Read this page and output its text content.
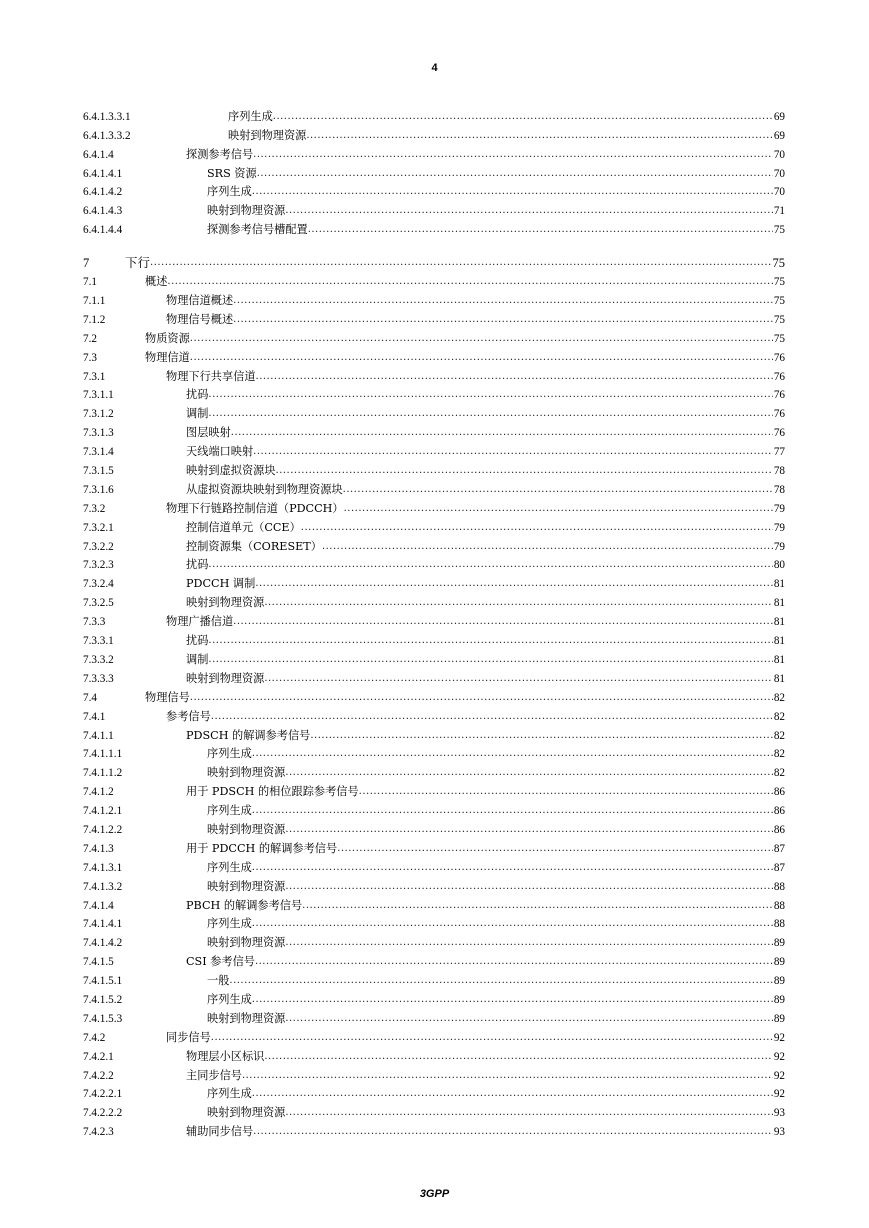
4
6.4.1.3.3.1	序列生成 .....	69
6.4.1.3.3.2	映射到物理资源 .....	69
6.4.1.4	探测参考信号 .....	70
6.4.1.4.1	SRS 资源 .....	70
6.4.1.4.2	序列生成 .....	70
6.4.1.4.3	映射到物理资源 .....	71
6.4.1.4.4	探测参考信号槽配置 .....	75
7	下行 .....	75
7.1	概述 .....	75
7.1.1	物理信道概述 .....	75
7.1.2	物理信号概述 .....	75
7.2	物质资源 .....	75
7.3	物理信道 .....	76
7.3.1	物理下行共享信道 .....	76
7.3.1.1	扰码 .....	76
7.3.1.2	调制 .....	76
7.3.1.3	图层映射 .....	76
7.3.1.4	天线端口映射 .....	77
7.3.1.5	映射到虚拟资源块 .....	78
7.3.1.6	从虚拟资源块映射到物理资源块 .....	78
7.3.2	物理下行链路控制信道（PDCCH） .....	79
7.3.2.1	控制信道单元（CCE） .....	79
7.3.2.2	控制资源集（CORESET） .....	79
7.3.2.3	扰码 .....	80
7.3.2.4	PDCCH 调制 .....	81
7.3.2.5	映射到物理资源 .....	81
7.3.3	物理广播信道 .....	81
7.3.3.1	扰码 .....	81
7.3.3.2	调制 .....	81
7.3.3.3	映射到物理资源 .....	81
7.4	物理信号 .....	82
7.4.1	参考信号 .....	82
7.4.1.1	PDSCH 的解调参考信号 .....	82
7.4.1.1.1	序列生成 .....	82
7.4.1.1.2	映射到物理资源 .....	82
7.4.1.2	用于 PDSCH 的相位跟踪参考信号 .....	86
7.4.1.2.1	序列生成 .....	86
7.4.1.2.2	映射到物理资源 .....	86
7.4.1.3	用于 PDCCH 的解调参考信号 .....	87
7.4.1.3.1	序列生成 .....	87
7.4.1.3.2	映射到物理资源 .....	88
7.4.1.4	PBCH 的解调参考信号 .....	88
7.4.1.4.1	序列生成 .....	88
7.4.1.4.2	映射到物理资源 .....	89
7.4.1.5	CSI 参考信号 .....	89
7.4.1.5.1	一般 .....	89
7.4.1.5.2	序列生成 .....	89
7.4.1.5.3	映射到物理资源 .....	89
7.4.2	同步信号 .....	92
7.4.2.1	物理层小区标识 .....	92
7.4.2.2	主同步信号 .....	92
7.4.2.2.1	序列生成 .....	92
7.4.2.2.2	映射到物理资源 .....	93
7.4.2.3	辅助同步信号 .....	93
3GPP
